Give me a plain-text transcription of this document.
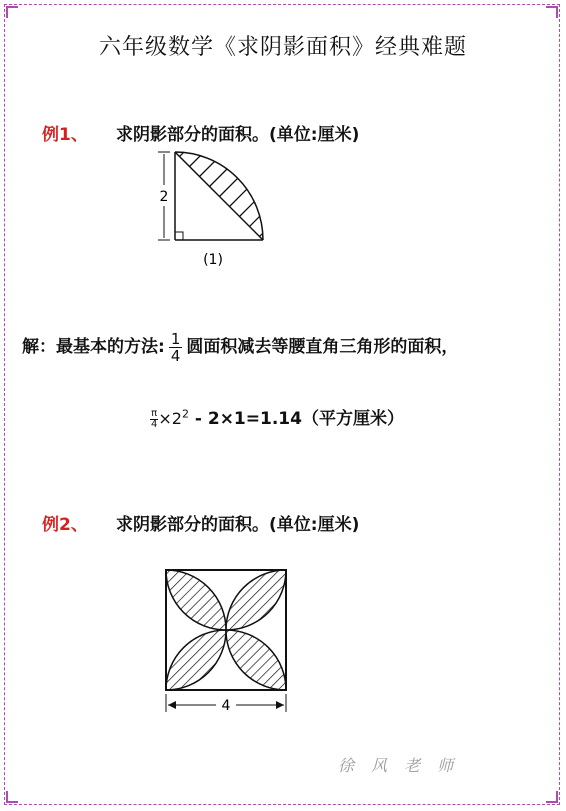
六年级数学《求阴影面积》经典难题
例1、 求阴影部分的面积。(单位:厘米)
2
(1)
解：最基本的方法: $\frac{1}{4}$ 圆面积减去等腰直角三角形的面积，
$\frac{\pi}{4} \times 2^2 - 2\times 1=1.14$（平方厘米）
例2、 求阴影部分的面积。(单位:厘米)
4
徐 风 老 师
